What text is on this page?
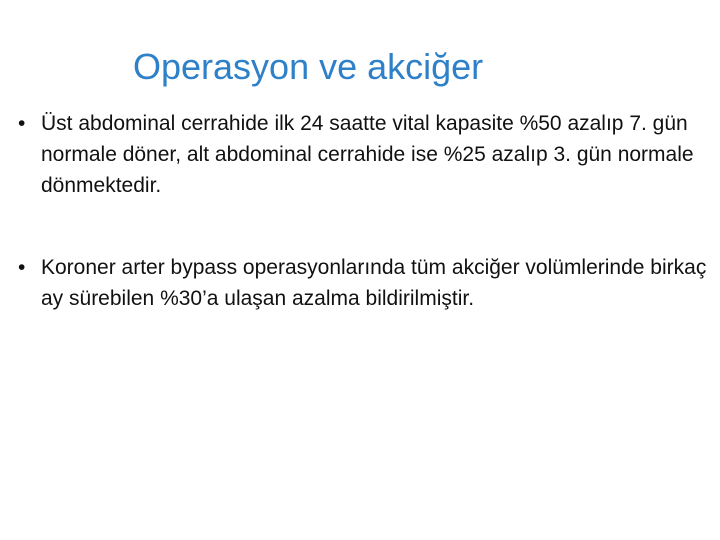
Operasyon ve akciğer
• Üst abdominal cerrahide ilk 24 saatte vital kapasite %50 azalıp 7. gün normale döner, alt abdominal cerrahide ise %25 azalıp 3. gün normale dönmektedir.
• Koroner arter bypass operasyonlarında tüm akciğer volümlerinde birkaç ay sürebilen %30’a ulaşan azalma bildirilmiştir.
